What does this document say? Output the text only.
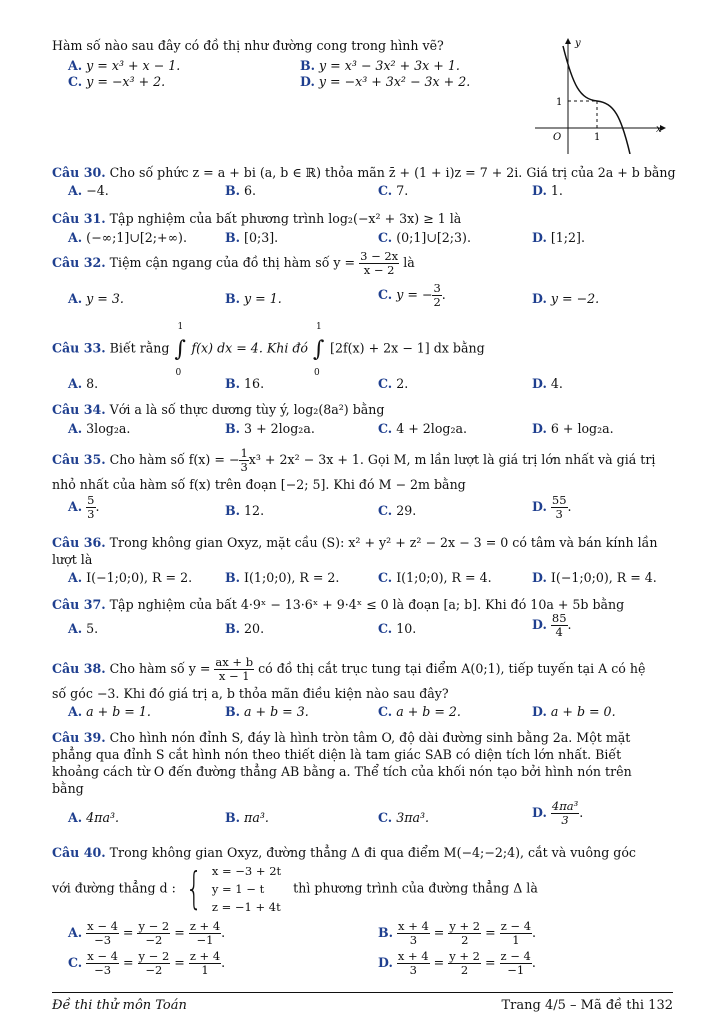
Hàm số nào sau đây có đồ thị như đường cong trong hình vẽ?
A. y = x³ + x − 1.	B. y = x³ − 3x² + 3x + 1.
C. y = −x³ + 2.	D. y = −x³ + 3x² − 3x + 2.
y
x
O	1
1
Câu 30. Cho số phức z = a + bi (a, b ∈ ℝ) thỏa mãn z̄ + (1 + i)z = 7 + 2i. Giá trị của 2a + b bằng
A. −4.	B. 6.	C. 7.	D. 1.
Câu 31. Tập nghiệm của bất phương trình log₂(−x² + 3x) ≥ 1 là
A. (−∞;1]∪[2;+∞).	B. [0;3].	C. (0;1]∪[2;3).	D. [1;2].
Câu 32. Tiệm cận ngang của đồ thị hàm số $y = \frac{3 - 2x}{x - 2}$ là
A. y = 3.	B. y = 1.	C. y = − $\frac{3}{2}$ .	D. y = −2.
Câu 33. Biết rằng
1
∫
0
f(x) dx = 4. Khi đó
1
∫
0
[2f(x) + 2x − 1] dx bằng
A. 8.	B. 16.	C. 2.	D. 4.
Câu 34. Với a là số thực dương tùy ý, log₂(8a²) bằng
A. 3log₂a.	B. 3 + 2log₂a.	C. 4 + 2log₂a.	D. 6 + log₂a.
Câu 35. Cho hàm số f(x) = − $\frac{1}{3} x^3 + 2x^2 - 3x + 1$. Gọi M, m lần lượt là giá trị lớn nhất và giá trị
nhỏ nhất của hàm số f(x) trên đoạn [−2; 5]. Khi đó M − 2m bằng
A. $\frac{5}{3}$ .	B. 12.	C. 29.	D. $\frac{55}{3}$ .
Câu 36. Trong không gian Oxyz, mặt cầu (S): x² + y² + z² − 2x − 3 = 0 có tâm và bán kính lần
lượt là
A. I(−1;0;0), R = 2.	B. I(1;0;0), R = 2.	C. I(1;0;0), R = 4.	D. I(−1;0;0), R = 4.
Câu 37. Tập nghiệm của bất 4·9ˣ − 13·6ˣ + 9·4ˣ ≤ 0 là đoạn [a; b]. Khi đó 10a + 5b bằng
A. 5.	B. 20.	C. 10.	D. $\frac{85}{4}$ .
Câu 38. Cho hàm số $y = \frac{ax + b}{x - 1}$ có đồ thị cắt trục tung tại điểm A(0;1), tiếp tuyến tại A có hệ
số góc −3. Khi đó giá trị a, b thỏa mãn điều kiện nào sau đây?
A. a + b = 1.	B. a + b = 3.	C. a + b = 2.	D. a + b = 0.
Câu 39. Cho hình nón đỉnh S, đáy là hình tròn tâm O, độ dài đường sinh bằng 2a. Một mặt
phẳng qua đỉnh S cắt hình nón theo thiết diện là tam giác SAB có diện tích lớn nhất. Biết
khoảng cách từ O đến đường thẳng AB bằng a. Thể tích của khối nón tạo bởi hình nón trên
bằng
A. 4πa³.	B. πa³.	C. 3πa³.	D. $\frac{\text{4πa³}}{3}$ .
Câu 40. Trong không gian Oxyz, đường thẳng Δ đi qua điểm M(−4;−2;4), cắt và vuông góc
với đường thẳng d : { x = −3 + 2t
y = 1 − t
z = −1 + 4t
thì phương trình của đường thẳng Δ là
A. $\frac{x - 4}{-3} = \frac{y - 2}{-2} = \frac{z + 4}{-1}$ .	B. $\frac{x + 4}{3} = \frac{y + 2}{2} = \frac{z - 4}{1}$ .
C. $\frac{x - 4}{-3} = \frac{y - 2}{-2} = \frac{z + 4}{1}$ .	D. $\frac{x + 4}{3} = \frac{y + 2}{2} = \frac{z - 4}{-1}$ .
Đề thi thử môn Toán	Trang 4/5 – Mã đề thi 132
